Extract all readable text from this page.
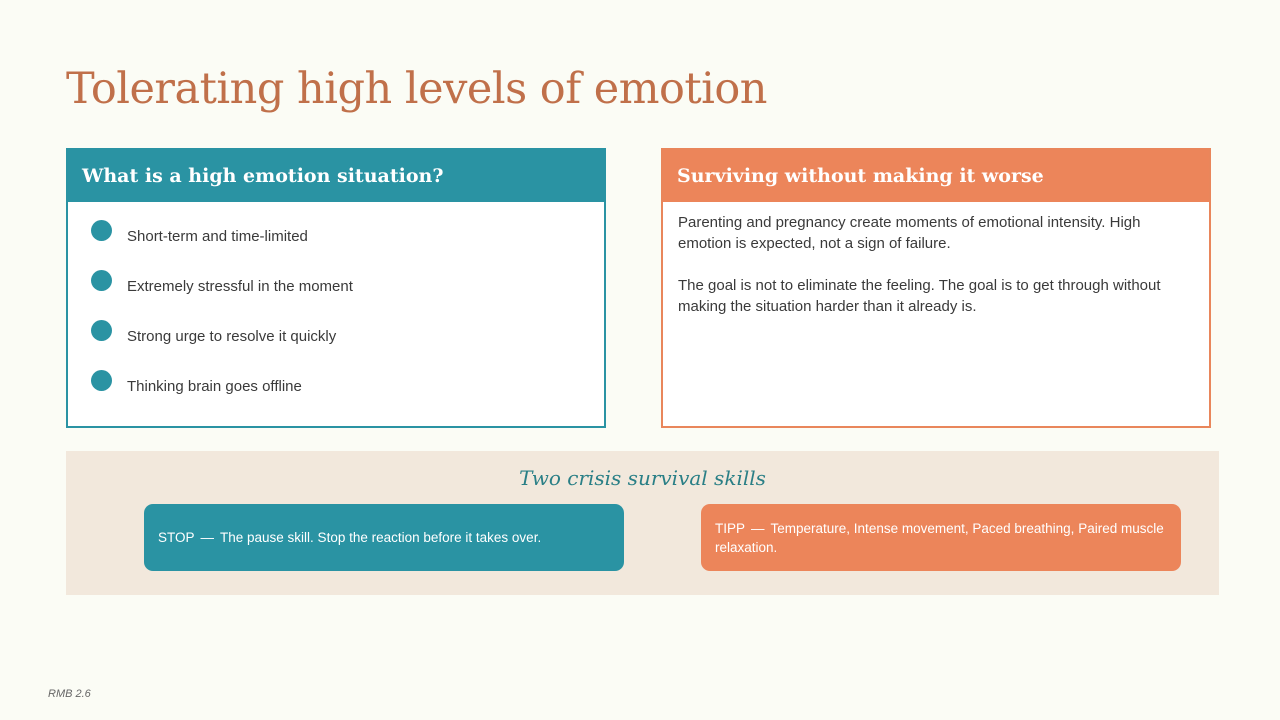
Tolerating high levels of emotion
What is a high emotion situation?
Short-term and time-limited
Extremely stressful in the moment
Strong urge to resolve it quickly
Thinking brain goes offline
Surviving without making it worse

Parenting and pregnancy create moments of emotional intensity. High emotion is expected, not a sign of failure.

The goal is not to eliminate the feeling. The goal is to get through without making the situation harder than it already is.

Two crisis survival skills
STOP — The pause skill. Stop the reaction before it takes over.
TIPP — Temperature, Intense movement, Paced breathing, Paired muscle relaxation.
RMB 2.6
